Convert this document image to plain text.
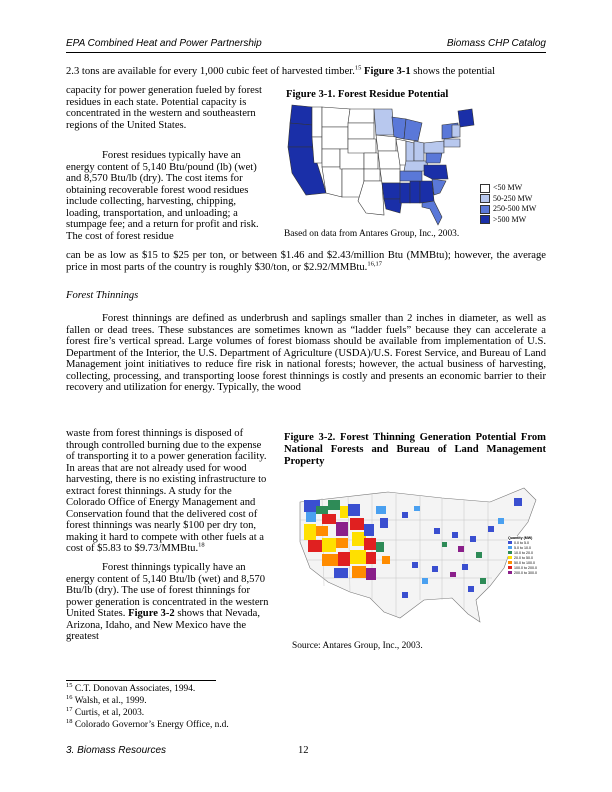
EPA Combined Heat and Power Partnership	Biomass CHP Catalog

2.3 tons are available for every 1,000 cubic feet of harvested timber.$^{15}$ Figure 3-1 shows the potential

capacity for power generation fueled by forest residues in each state. Potential capacity is concentrated in the western and southeastern regions of the United States.

Figure 3-1. Forest Residue Potential
<50 MW
50-250 MW
250-500 MW
>500 MW
Based on data from Antares Group, Inc., 2003.

Forest residues typically have an energy content of 5,140 Btu/pound (lb) (wet) and 8,570 Btu/lb (dry). The cost items for obtaining recoverable forest wood residues include collecting, harvesting, chipping, loading, transportation, and unloading; a stumpage fee; and a return for profit and risk. The cost of forest residue

can be as low as $15 to $25 per ton, or between $1.46 and $2.43/million Btu (MMBtu); however, the average price in most parts of the country is roughly $30/ton, or $2.92/MMBtu.$^{16,17}$

Forest Thinnings

Forest thinnings are defined as underbrush and saplings smaller than 2 inches in diameter, as well as fallen or dead trees. These substances are sometimes known as “ladder fuels” because they can accelerate a forest fire’s vertical spread. Large volumes of forest biomass should be available from implementation of U.S. Department of the Interior, the U.S. Department of Agriculture (USDA)/U.S. Forest Service, and Bureau of Land Management joint initiatives to reduce fire risk in national forests; however, the actual business of harvesting, collecting, processing, and transporting loose forest thinnings is costly and presents an economic barrier to their recovery and utilization for energy. Typically, the wood

waste from forest thinnings is disposed of through controlled burning due to the expense of transporting it to a power generation facility. In areas that are not already used for wood harvesting, there is no existing infrastructure to extract forest thinnings. A study for the Colorado Office of Energy Management and Conservation found that the delivered cost of forest thinnings was nearly $100 per dry ton, making it hard to compete with other fuels at a cost of $5.83 to $9.73/MMBtu.$^{18}$

Figure 3-2. Forest Thinning Generation Potential From National Forests and Bureau of Land Management Property
Quantity (MW)
0.0 to 5.0
5.0 to 10.0
10.0 to 20.0
20.0 to 50.0
50.0 to 100.0
100.0 to 200.0
200.0 to 300.0
Source: Antares Group, Inc., 2003.

Forest thinnings typically have an energy content of 5,140 Btu/lb (wet) and 8,570 Btu/lb (dry). The use of forest thinnings for power generation is concentrated in the western United States. Figure 3-2 shows that Nevada, Arizona, Idaho, and New Mexico have the greatest

$^{15}$ C.T. Donovan Associates, 1994.
$^{16}$ Walsh, et al., 1999.
$^{17}$ Curtis, et al, 2003.
$^{18}$ Colorado Governor’s Energy Office, n.d.
3. Biomass Resources	12
